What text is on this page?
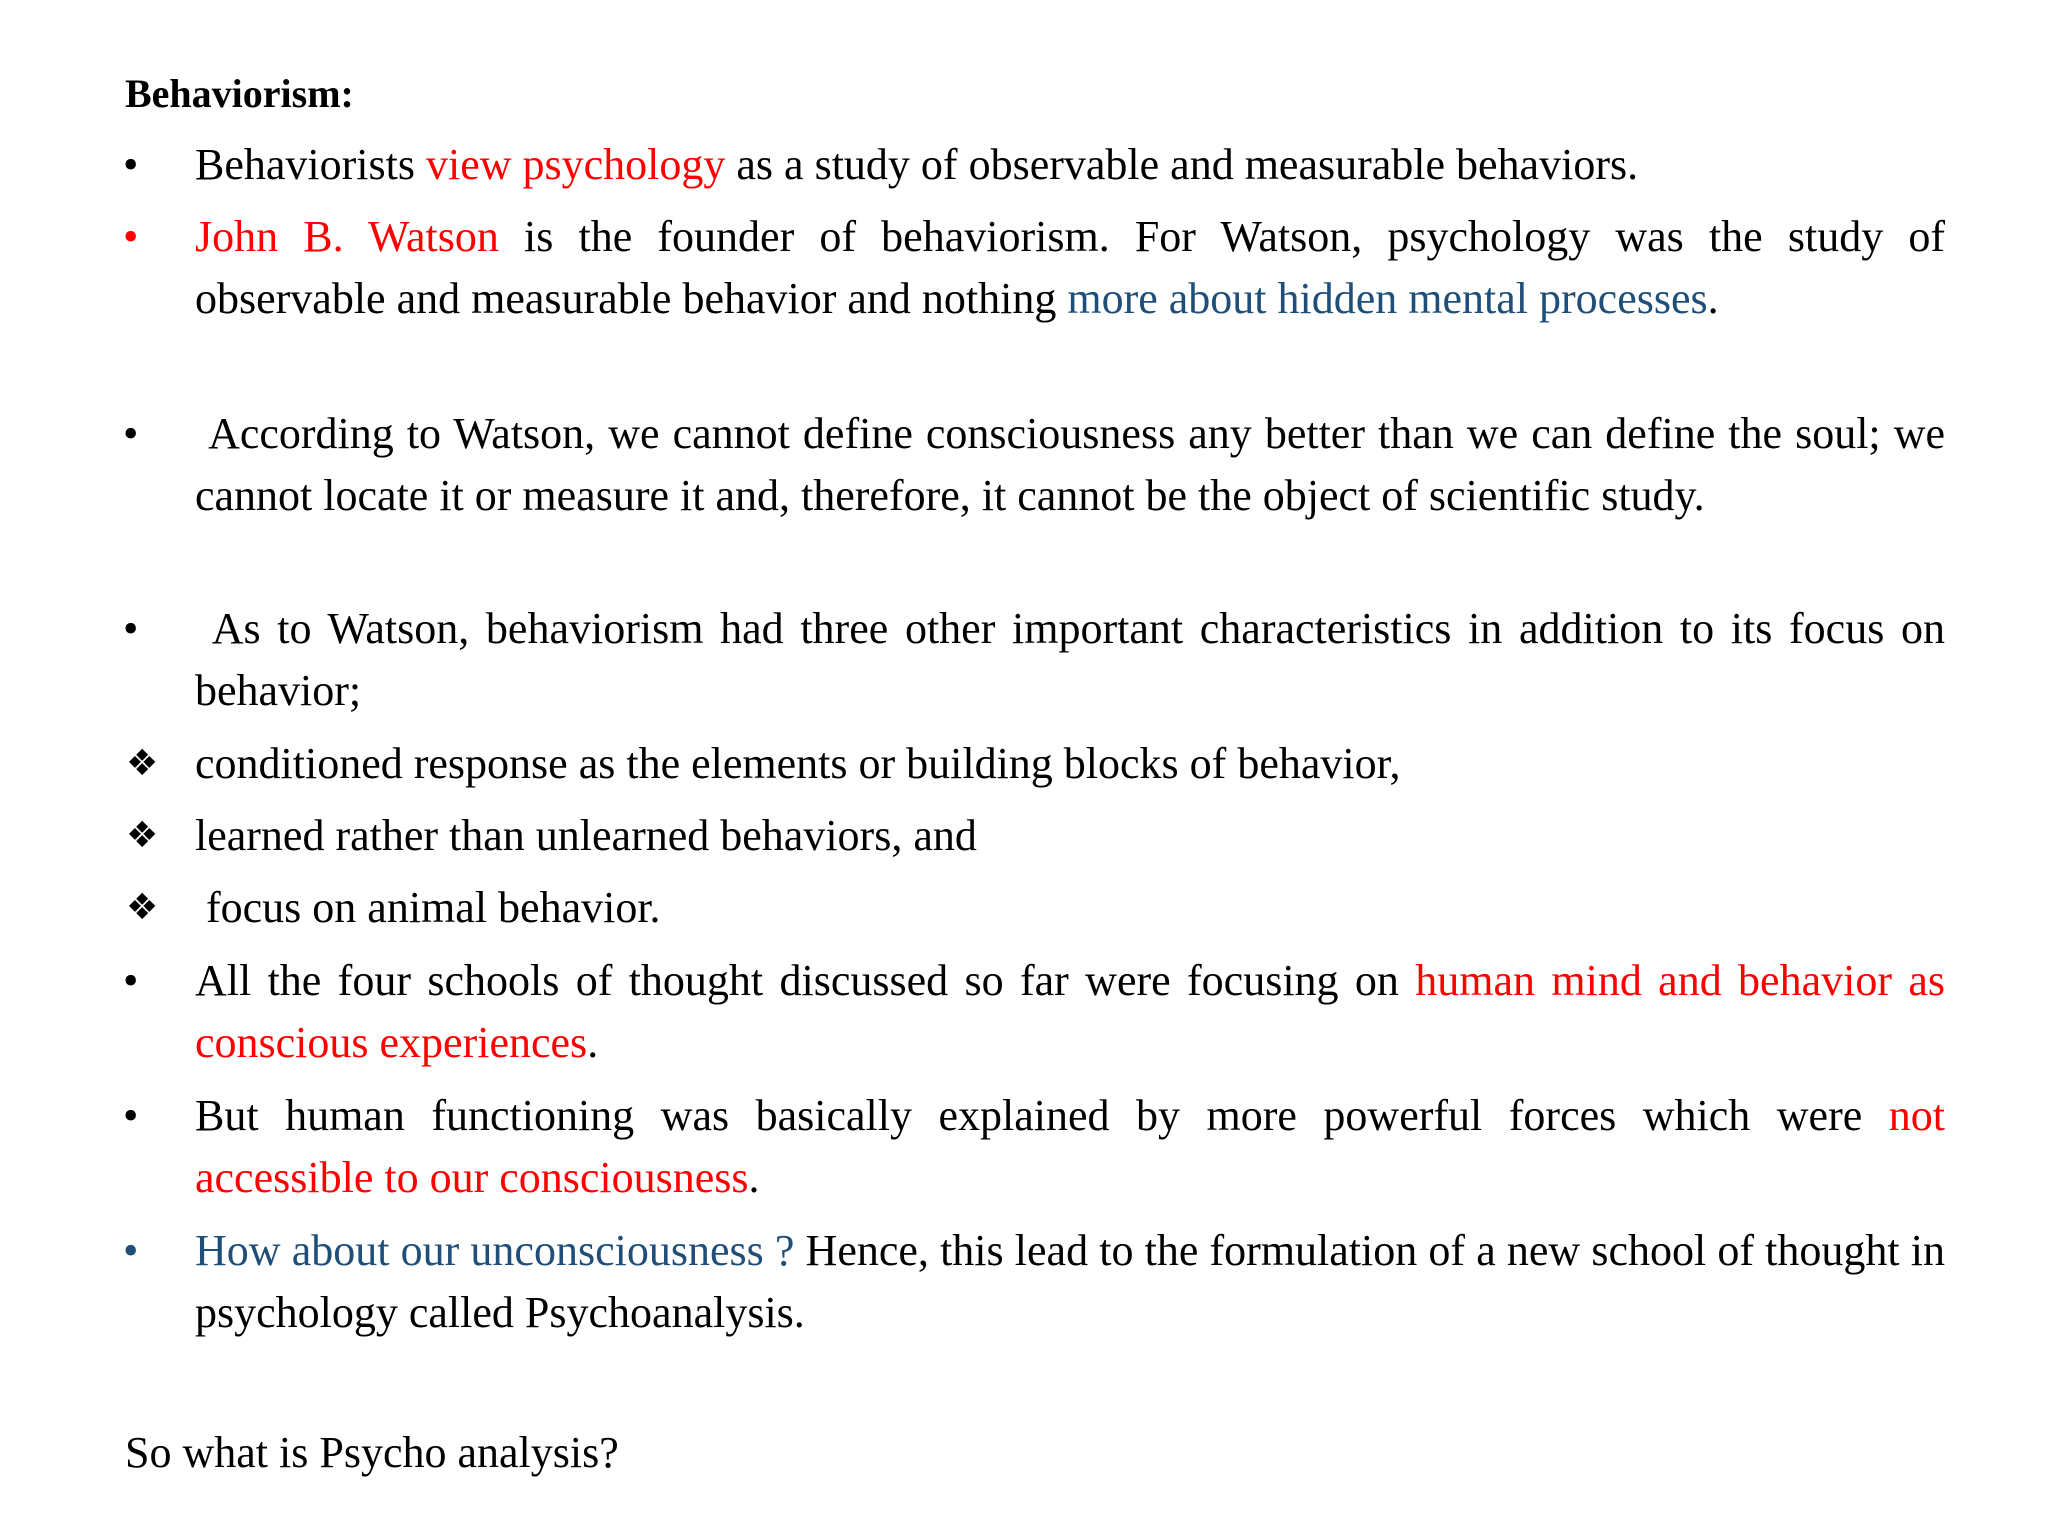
Behaviorism:
• Behaviorists view psychology as a study of observable and measurable behaviors.
• John B. Watson is the founder of behaviorism. For Watson, psychology was the study of observable and measurable behavior and nothing more about hidden mental processes.
• According to Watson, we cannot define consciousness any better than we can define the soul; we cannot locate it or measure it and, therefore, it cannot be the object of scientific study.
• As to Watson, behaviorism had three other important characteristics in addition to its focus on behavior;
❖ conditioned response as the elements or building blocks of behavior,
❖ learned rather than unlearned behaviors, and
❖ focus on animal behavior.
• All the four schools of thought discussed so far were focusing on human mind and behavior as conscious experiences.
• But human functioning was basically explained by more powerful forces which were not accessible to our consciousness.
• How about our unconsciousness ? Hence, this lead to the formulation of a new school of thought in psychology called Psychoanalysis.
So what is Psycho analysis?
